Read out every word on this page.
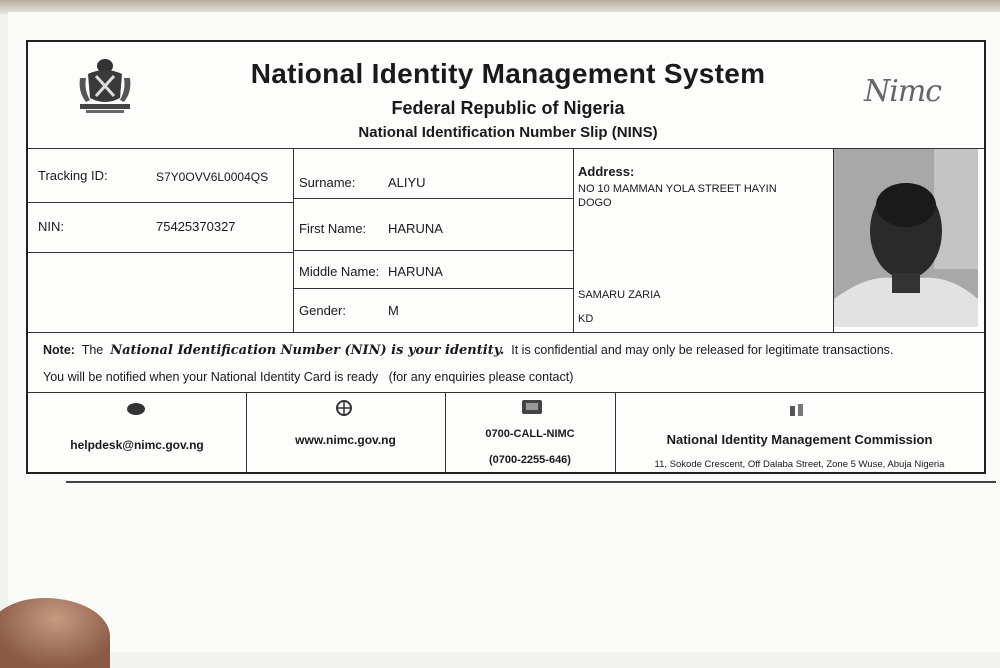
National Identity Management System
Federal Republic of Nigeria
National Identification Number Slip (NINS)
Nimc
Tracking ID:	S7Y0OVV6L0004QS
NIN:	75425370327
Surname:	ALIYU
First Name: HARUNA
Middle Name: HARUNA
Gender:	M
Address:
NO 10 MAMMAN YOLA STREET HAYIN
DOGO
SAMARU ZARIA
KD
Note: The National Identification Number (NIN) is your identity. It is confidential and may only be released for legitimate transactions.
You will be notified when your National Identity Card is ready   (for any enquiries please contact)
helpdesk@nimc.gov.ng	www.nimc.gov.ng	0700-CALL-NIMC
(0700-2255-646)
National Identity Management Commission
11, Sokode Crescent, Off Dalaba Street, Zone 5 Wuse, Abuja Nigeria
